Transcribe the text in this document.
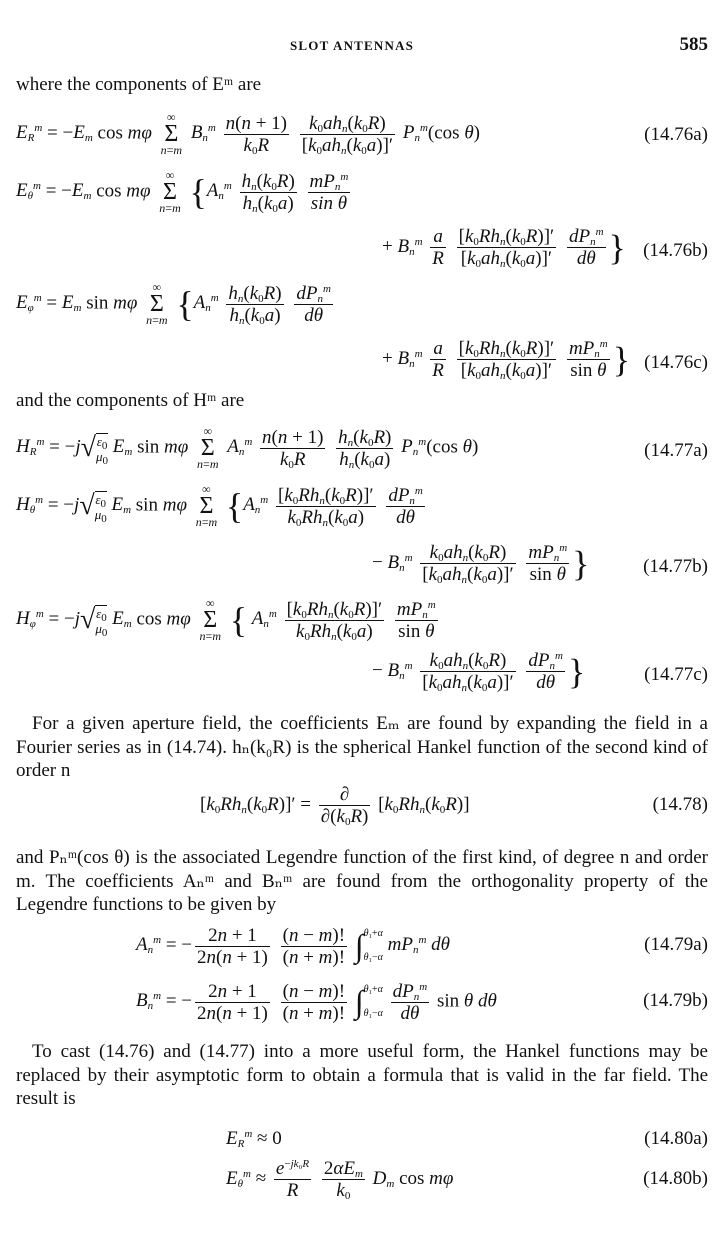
SLOT ANTENNAS	585
where the components of Eᵐ are
$E_R^m = -E_m$ cos mφ ∞
Σ
n=m $B_n^m \frac{n(n + 1)}{k_0R}$
	$k_0ah_n(k_0R)$
$[k_0ah_n(k_0a)]'$
$P_n^m(\cos$ θ)	(14.76a)
$E_\theta^m = -E_m$ cos mφ ∞
Σ
n=m {$A_n^m \frac{h_n(k_0R)}{h_n(k_0a)}$
$mP_n^m$
sin θ
+ $B_n^m \frac{a}{R}$
$[k_0Rh_n(k_0R)]'$
$[k_0ah_n(k_0a)]'$

$dP_n^m$
dθ } (14.76b)
$E_\varphi^m = E_m$ sin mφ ∞
Σ
n=m {$A_n^m \frac{h_n(k_0R)}{h_n(k_0a)}$
$dP_n^m$
dθ
+ $B_n^m \frac{a}{R}$
$[k_0Rh_n(k_0R)]'$
$[k_0ah_n(k_0a)]'$

$mP_n^m$
sin θ } (14.76c)
and the components of Hᵐ are
$H_R^m = -j√\varepsilon_0$
$\mu_0$ $E_m$ sin mφ ∞
Σ
n=m $A_n^m \frac{n(n + 1)}{k_0R}$
$\frac{h_n(k_0R)}{h_n(k_0a)} P_n^m(\cos$ θ)	(14.77a)
$H_\theta^m = -j√\varepsilon_0$
$\mu_0$ $E_m$ sin mφ ∞
Σ
n=m {$A_n^m$ $[k_0Rh_n(k_0R)]'$
$k_0Rh_n(k_0a)$

$dP_n^m$
dθ
− $B_n^m$ $k_0ah_n(k_0R)$
$[k_0ah_n(k_0a)]'$

$mP_n^m$
sin θ }	(14.77b)
$H_\varphi^m = -j√\varepsilon_0$
$\mu_0$ $E_m$ cos mφ ∞
Σ
n=m { $A_n^m$ $[k_0Rh_n(k_0R)]'$
$k_0Rh_n(k_0a)$

$mP_n^m$
sin θ
− $B_n^m$ $k_0ah_n(k_0R)$
$[k_0ah_n(k_0a)]'$

$dP_n^m$
dθ }	(14.77c)
For a given aperture field, the coefficients Eₘ are found by expanding the field in a Fourier series as in (14.74). hₙ(k₀R) is the spherical Hankel function of the second kind of order n
$[k_0Rh_n(k_0R)]'$ =	∂
$\partial(k_0R)$
$[k_0Rh_n(k_0R)]$	(14.78)
and Pₙᵐ(cos θ) is the associated Legendre function of the first kind, of degree n and order m. The coefficients Aₙᵐ and Bₙᵐ are found from the orthogonality property of the Legendre functions to be given by
$A_n^m$ = − $\frac{2n + 1}{2n(n + 1)}$
$\frac{(n - m)!}{(n + m)!}$ ∫ θ₁+α
θ₁−α
$mP_n^m$ dθ	(14.79a)
$B_n^m$ = − $\frac{2n + 1}{2n(n + 1)}$
$\frac{(n - m)!}{(n + m)!}$ ∫ θ₁+α
θ₁−α

$dP_n^m$
dθ
sin θ dθ	(14.79b)
To cast (14.76) and (14.77) into a more useful form, the Hankel functions may be replaced by their asymptotic form to obtain a formula that is valid in the far field. The result is
$E_R^m \approx 0$	(14.80a)
$E_\theta^m \approx \frac{e^{-jk_0R}}{R}$
$2\alpha E_m$
$k_0$
$D_m$ cos mφ	(14.80b)
